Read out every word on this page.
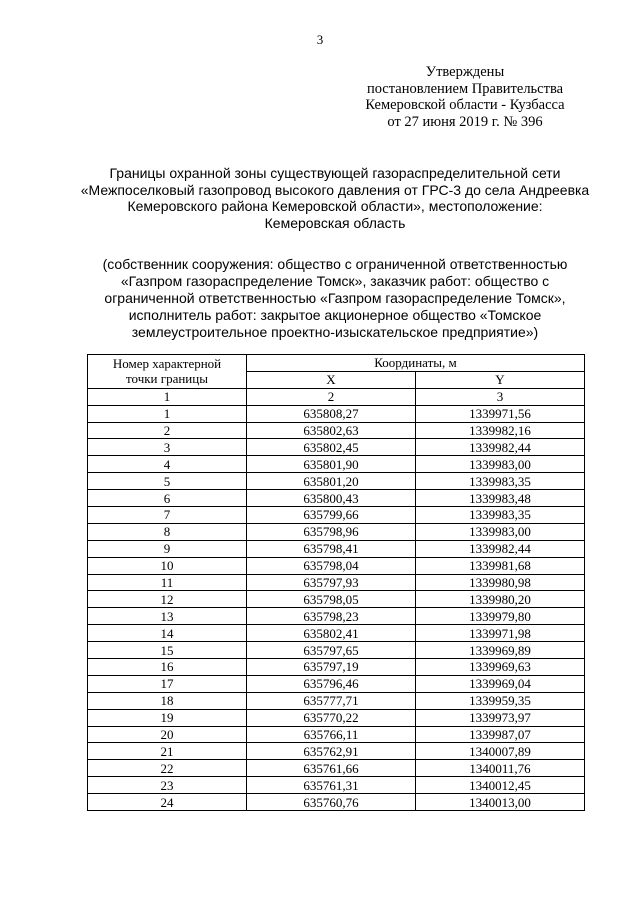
3
Утверждены
постановлением Правительства
Кемеровской области - Кузбасса
от 27 июня 2019 г. № 396
Границы охранной зоны существующей газораспределительной сети
«Межпоселковый газопровод высокого давления от ГРС-3 до села Андреевка
Кемеровского района Кемеровской области», местоположение:
Кемеровская область
(собственник сооружения: общество с ограниченной ответственностью
«Газпром газораспределение Томск», заказчик работ: общество с
ограниченной ответственностью «Газпром газораспределение Томск»,
исполнитель работ: закрытое акционерное общество «Томское
землеустроительное проектно-изыскательское предприятие»)
Номер характерной
точки границы	Координаты, м	
	X	Y
1	2	3
1	635808,27	1339971,56
2	635802,63	1339982,16
3	635802,45	1339982,44
4	635801,90	1339983,00
5	635801,20	1339983,35
6	635800,43	1339983,48
7	635799,66	1339983,35
8	635798,96	1339983,00
9	635798,41	1339982,44
10	635798,04	1339981,68
11	635797,93	1339980,98
12	635798,05	1339980,20
13	635798,23	1339979,80
14	635802,41	1339971,98
15	635797,65	1339969,89
16	635797,19	1339969,63
17	635796,46	1339969,04
18	635777,71	1339959,35
19	635770,22	1339973,97
20	635766,11	1339987,07
21	635762,91	1340007,89
22	635761,66	1340011,76
23	635761,31	1340012,45
24	635760,76	1340013,00
